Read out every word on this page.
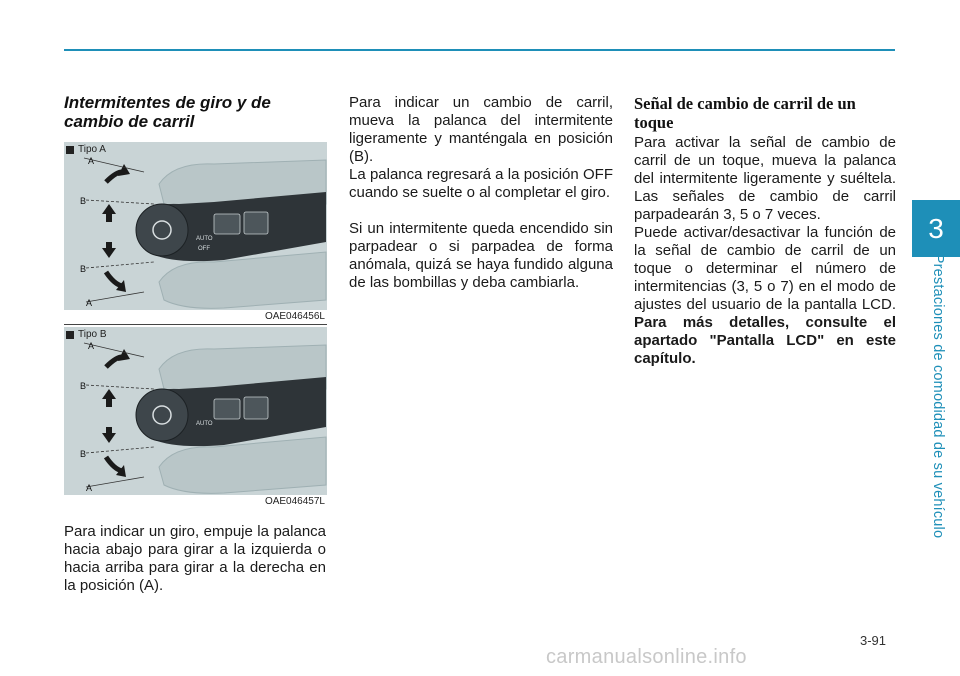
Intermitentes de giro y de cambio de carril
AUTO
OFF
A
B
B
A
Tipo A
OAE046456L
AUTO
A
B
B
A
Tipo B
OAE046457L
Para indicar un giro, empuje la palanca hacia abajo para girar a la izquierda o hacia arriba para girar a la derecha en la posición (A).
Para indicar un cambio de carril, mueva la palanca del intermitente ligeramente y manténgala en posición (B).
La palanca regresará a la posición OFF cuando se suelte o al completar el giro.
Si un intermitente queda encendido sin parpadear o si parpadea de forma anómala, quizá se haya fundido alguna de las bombillas y deba cambiarla.
Señal de cambio de carril de un toque
Para activar la señal de cambio de carril de un toque, mueva la palanca del intermitente ligeramente y suéltela. Las señales de cambio de carril parpadearán 3, 5 o 7 veces.
Puede activar/desactivar la función de la señal de cambio de carril de un toque o determinar el número de intermitencias (3, 5 o 7) en el modo de ajustes del usuario de la pantalla LCD. Para más detalles, consulte el apartado "Pantalla LCD" en este capítulo.
3
Prestaciones de comodidad de su vehículo
3-91
carmanualsonline.info
